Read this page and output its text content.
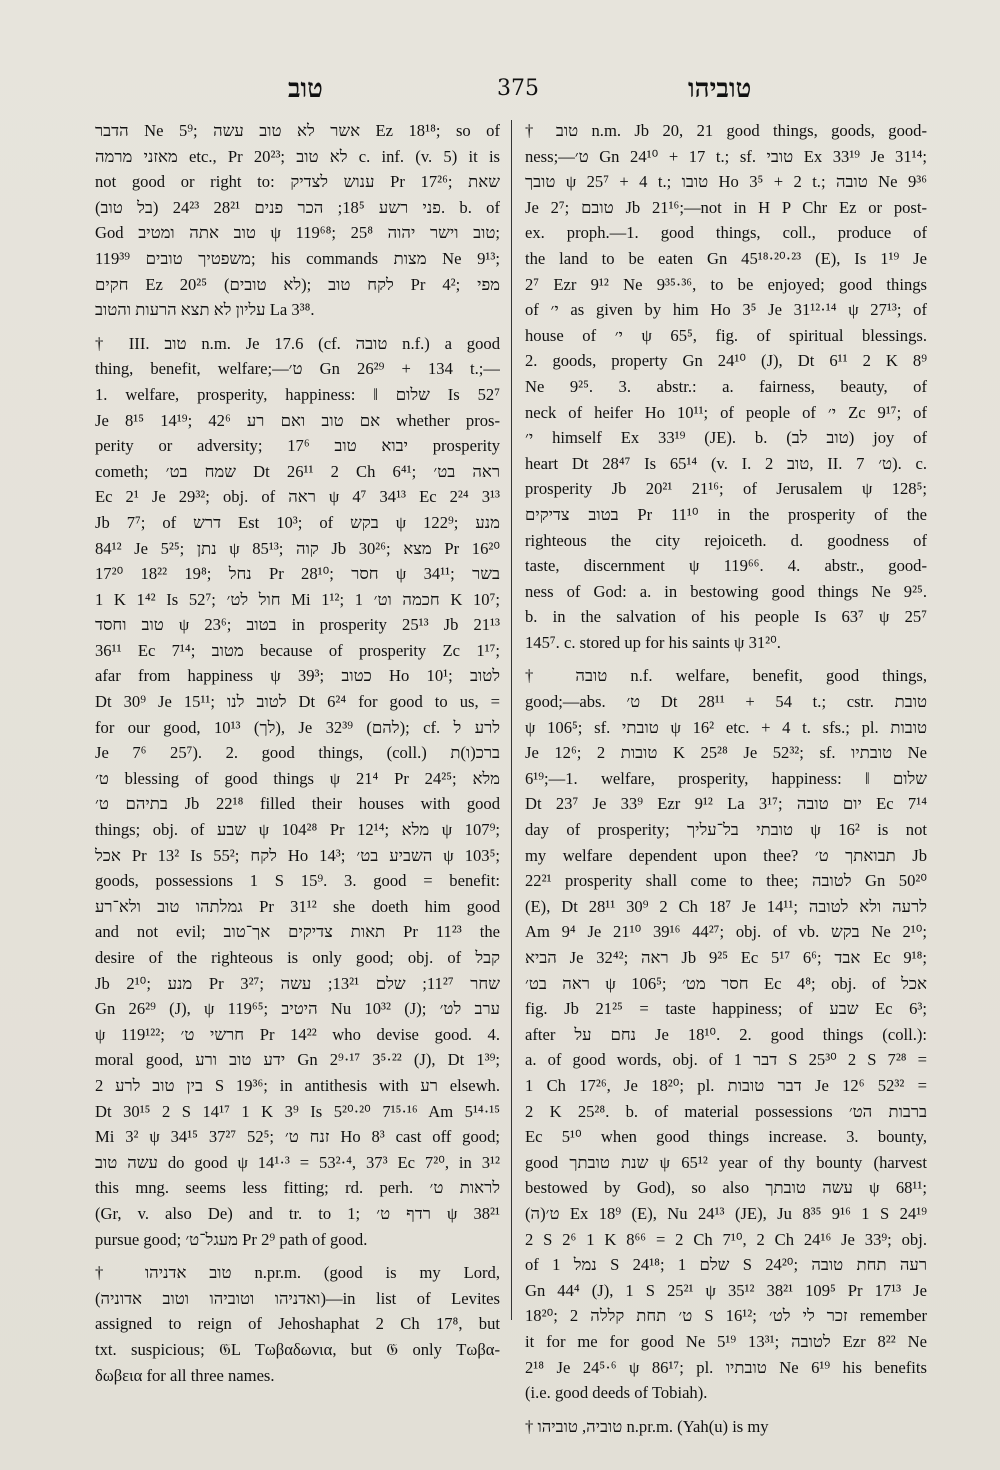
טוב	375	טוביהו
הדבר Ne 5⁹; אשר לא טוב עשה Ez 18¹⁸; so of
מאזני מרמה etc., Pr 20²³; לא טוב c. inf. (v. 5) it is
not good or right to: ענוש לצדיק Pr 17²⁶; שאת
פני רשע 18⁵; הכר פנים 28²¹ 24²³ (בל טוב). b. of
God טוב אתה ומטיב ψ 119⁶⁸; טוב וישר יהוה 25⁸;
משפטיך טובים 119³⁹; his commands מצות Ne 9¹³;
חקים Ez 20²⁵ (לא טובים); לקח טוב Pr 4²; מפי
עליון לא תצא הרעות והטוב La 3³⁸.
† III. טוב n.m. Je 17.6 (cf. טובה n.f.) a good
thing, benefit, welfare;—ט׳ Gn 26²⁹ + 134 t.;—
1. welfare, prosperity, happiness: ‖ שלום Is 52⁷
Je 8¹⁵ 14¹⁹; אם טוב ואם רע 42⁶ whether pros-
perity or adversity; יבוא טוב 17⁶ prosperity
cometh; שמח בט׳ Dt 26¹¹ 2 Ch 6⁴¹; ראה בט׳
Ec 2¹ Je 29³²; obj. of ראה ψ 4⁷ 34¹³ Ec 2²⁴ 3¹³
Jb 7⁷; of דרש Est 10³; of בקש ψ 122⁹; מנע
84¹² Je 5²⁵; נתן ψ 85¹³; קוה Jb 30²⁶; מצא Pr 16²⁰
17²⁰ 18²² 19⁸; נחל Pr 28¹⁰; חסר ψ 34¹¹; בשר
1 K 1⁴² Is 52⁷; חול לט׳ Mi 1¹²; חכמה וט׳ 1 K 10⁷;
טוב וחסד ψ 23⁶; בטוב in prosperity 25¹³ Jb 21¹³
36¹¹ Ec 7¹⁴; מטוב because of prosperity Zc 1¹⁷;
afar from happiness ψ 39³; כטוב Ho 10¹; לטוב
Dt 30⁹ Je 15¹¹; לטוב לנו Dt 6²⁴ for good to us, =
for our good, 10¹³ (לך), Je 32³⁹ (להם); cf. לרע ל
Je 7⁶ 25⁷). 2. good things, (coll.) ברכ(ו)ת
ט׳ blessing of good things ψ 21⁴ Pr 24²⁵; מלא
בתיהם ט׳ Jb 22¹⁸ filled their houses with good
things; obj. of שבע ψ 104²⁸ Pr 12¹⁴; מלא ψ 107⁹;
אכל Pr 13² Is 55²; לקח Ho 14³; השביע בט׳ ψ 103⁵;
goods, possessions 1 S 15⁹. 3. good = benefit:
גמלתהו טוב ולא־רע Pr 31¹² she doeth him good
and not evil; תאות צדיקים אך־טוב Pr 11²³ the
desire of the righteous is only good; obj. of קבל
Jb 2¹⁰; מנע Pr 3²⁷; שחר 11²⁷; שלם 13²¹; עשה
Gn 26²⁹ (J), ψ 119⁶⁵; היטיב Nu 10³² (J); ערב לט׳
ψ 119¹²²; חרשי ט׳ Pr 14²² who devise good. 4.
moral good, ידע טוב ורע Gn 2⁹·¹⁷ 3⁵·²² (J), Dt 1³⁹;
בין טוב לרע 2 S 19³⁶; in antithesis with רע elsewh.
Dt 30¹⁵ 2 S 14¹⁷ 1 K 3⁹ Is 5²⁰·²⁰ 7¹⁵·¹⁶ Am 5¹⁴·¹⁵
Mi 3² ψ 34¹⁵ 37²⁷ 52⁵; זנח ט׳ Ho 8³ cast off good;
עשה טוב do good ψ 14¹·³ = 53²·⁴, 37³ Ec 7²⁰, in 3¹²
this mng. seems less fitting; rd. perh. לראות ט׳
(Gr, v. also De) and tr. to 1; רדף ט׳ ψ 38²¹
pursue good; מעגל־ט׳ Pr 2⁹ path of good.
† טוב אדניהו n.pr.m. (good is my Lord,
(ואדניהו וטוביהו וטוב אדוניה)—in list of Levites
assigned to reign of Jehoshaphat 2 Ch 17⁸, but
txt. suspicious; 𝔊L Τωβαδωνια, but 𝔊 only Τωβα-
δωβεια for all three names.
† טוב n.m. Jb 20, 21 good things, goods, good-
ness;—ט׳ Gn 24¹⁰ + 17 t.; sf. טובי Ex 33¹⁹ Je 31¹⁴;
טובך ψ 25⁷ + 4 t.; טובו Ho 3⁵ + 2 t.; טובה Ne 9³⁶
Je 2⁷; טובם Jb 21¹⁶;—not in H P Chr Ez or post-
ex. proph.—1. good things, coll., produce of
the land to be eaten Gn 45¹⁸·²⁰·²³ (E), Is 1¹⁹ Je
2⁷ Ezr 9¹² Ne 9³⁵·³⁶, to be enjoyed; good things
of י׳ as given by him Ho 3⁵ Je 31¹²·¹⁴ ψ 27¹³; of
house of י׳ ψ 65⁵, fig. of spiritual blessings.
2. goods, property Gn 24¹⁰ (J), Dt 6¹¹ 2 K 8⁹
Ne 9²⁵. 3. abstr.: a. fairness, beauty, of
neck of heifer Ho 10¹¹; of people of י׳ Zc 9¹⁷; of
י׳ himself Ex 33¹⁹ (JE). b. (טוב לב) joy of
heart Dt 28⁴⁷ Is 65¹⁴ (v. I. טוב 2, II. ט׳ 7). c.
prosperity Jb 20²¹ 21¹⁶; of Jerusalem ψ 128⁵;
בטוב צדיקים Pr 11¹⁰ in the prosperity of the
righteous the city rejoiceth. d. goodness of
taste, discernment ψ 119⁶⁶. 4. abstr., good-
ness of God: a. in bestowing good things Ne 9²⁵.
b. in the salvation of his people Is 63⁷ ψ 25⁷
145⁷. c. stored up for his saints ψ 31²⁰.
† טובה n.f. welfare, benefit, good things,
good;—abs. ט׳ Dt 28¹¹ + 54 t.; cstr. טובת
ψ 106⁵; sf. טובתי ψ 16² etc. + 4 t. sfs.; pl. טובות
Je 12⁶; טובות 2 K 25²⁸ Je 52³²; sf. טובתיו Ne
6¹⁹;—1. welfare, prosperity, happiness: ‖ שלום
Dt 23⁷ Je 33⁹ Ezr 9¹² La 3¹⁷; יום טובה Ec 7¹⁴
day of prosperity; טובתי בל־עליך ψ 16² is not
my welfare dependent upon thee? תבואתך ט׳ Jb
22²¹ prosperity shall come to thee; לטובה Gn 50²⁰
(E), Dt 28¹¹ 30⁹ 2 Ch 18⁷ Je 14¹¹; לרעה ולא לטובה
Am 9⁴ Je 21¹⁰ 39¹⁶ 44²⁷; obj. of vb. בקש Ne 2¹⁰;
הביא Je 32⁴²; ראה Jb 9²⁵ Ec 5¹⁷ 6⁶; אבד Ec 9¹⁸;
ראה בט׳ ψ 106⁵; חסר מט׳ Ec 4⁸; obj. of אכל
fig. Jb 21²⁵ = taste happiness; of שבע Ec 6³;
after נחם על Je 18¹⁰. 2. good things (coll.):
a. of good words, obj. of דבר 1 S 25³⁰ 2 S 7²⁸ =
1 Ch 17²⁶, Je 18²⁰; pl. דבר טובות Je 12⁶ 52³² =
2 K 25²⁸. b. of material possessions ברבות הט׳
Ec 5¹⁰ when good things increase. 3. bounty,
good שנת טובתך ψ 65¹² year of thy bounty (harvest
bestowed by God), so also עשה טובתך ψ 68¹¹;
(ה)ט׳ Ex 18⁹ (E), Nu 24¹³ (JE), Ju 8³⁵ 9¹⁶ 1 S 24¹⁹
2 S 2⁶ 1 K 8⁶⁶ = 2 Ch 7¹⁰, 2 Ch 24¹⁶ Je 33⁹; obj.
of נמל 1 S 24¹⁸; שלם 1 S 24²⁰; רעה תחת טובה
Gn 44⁴ (J), 1 S 25²¹ ψ 35¹² 38²¹ 109⁵ Pr 17¹³ Je
18²⁰; ט׳ תחת קללה 2 S 16¹²; זכר לי לט׳ remember
it for me for good Ne 5¹⁹ 13³¹; לטובה Ezr 8²² Ne
2¹⁸ Je 24⁵·⁶ ψ 86¹⁷; pl. טובתיו Ne 6¹⁹ his benefits
(i.e. good deeds of Tobiah).
† טוביה, טוביהו n.pr.m. (Yah(u) is my
